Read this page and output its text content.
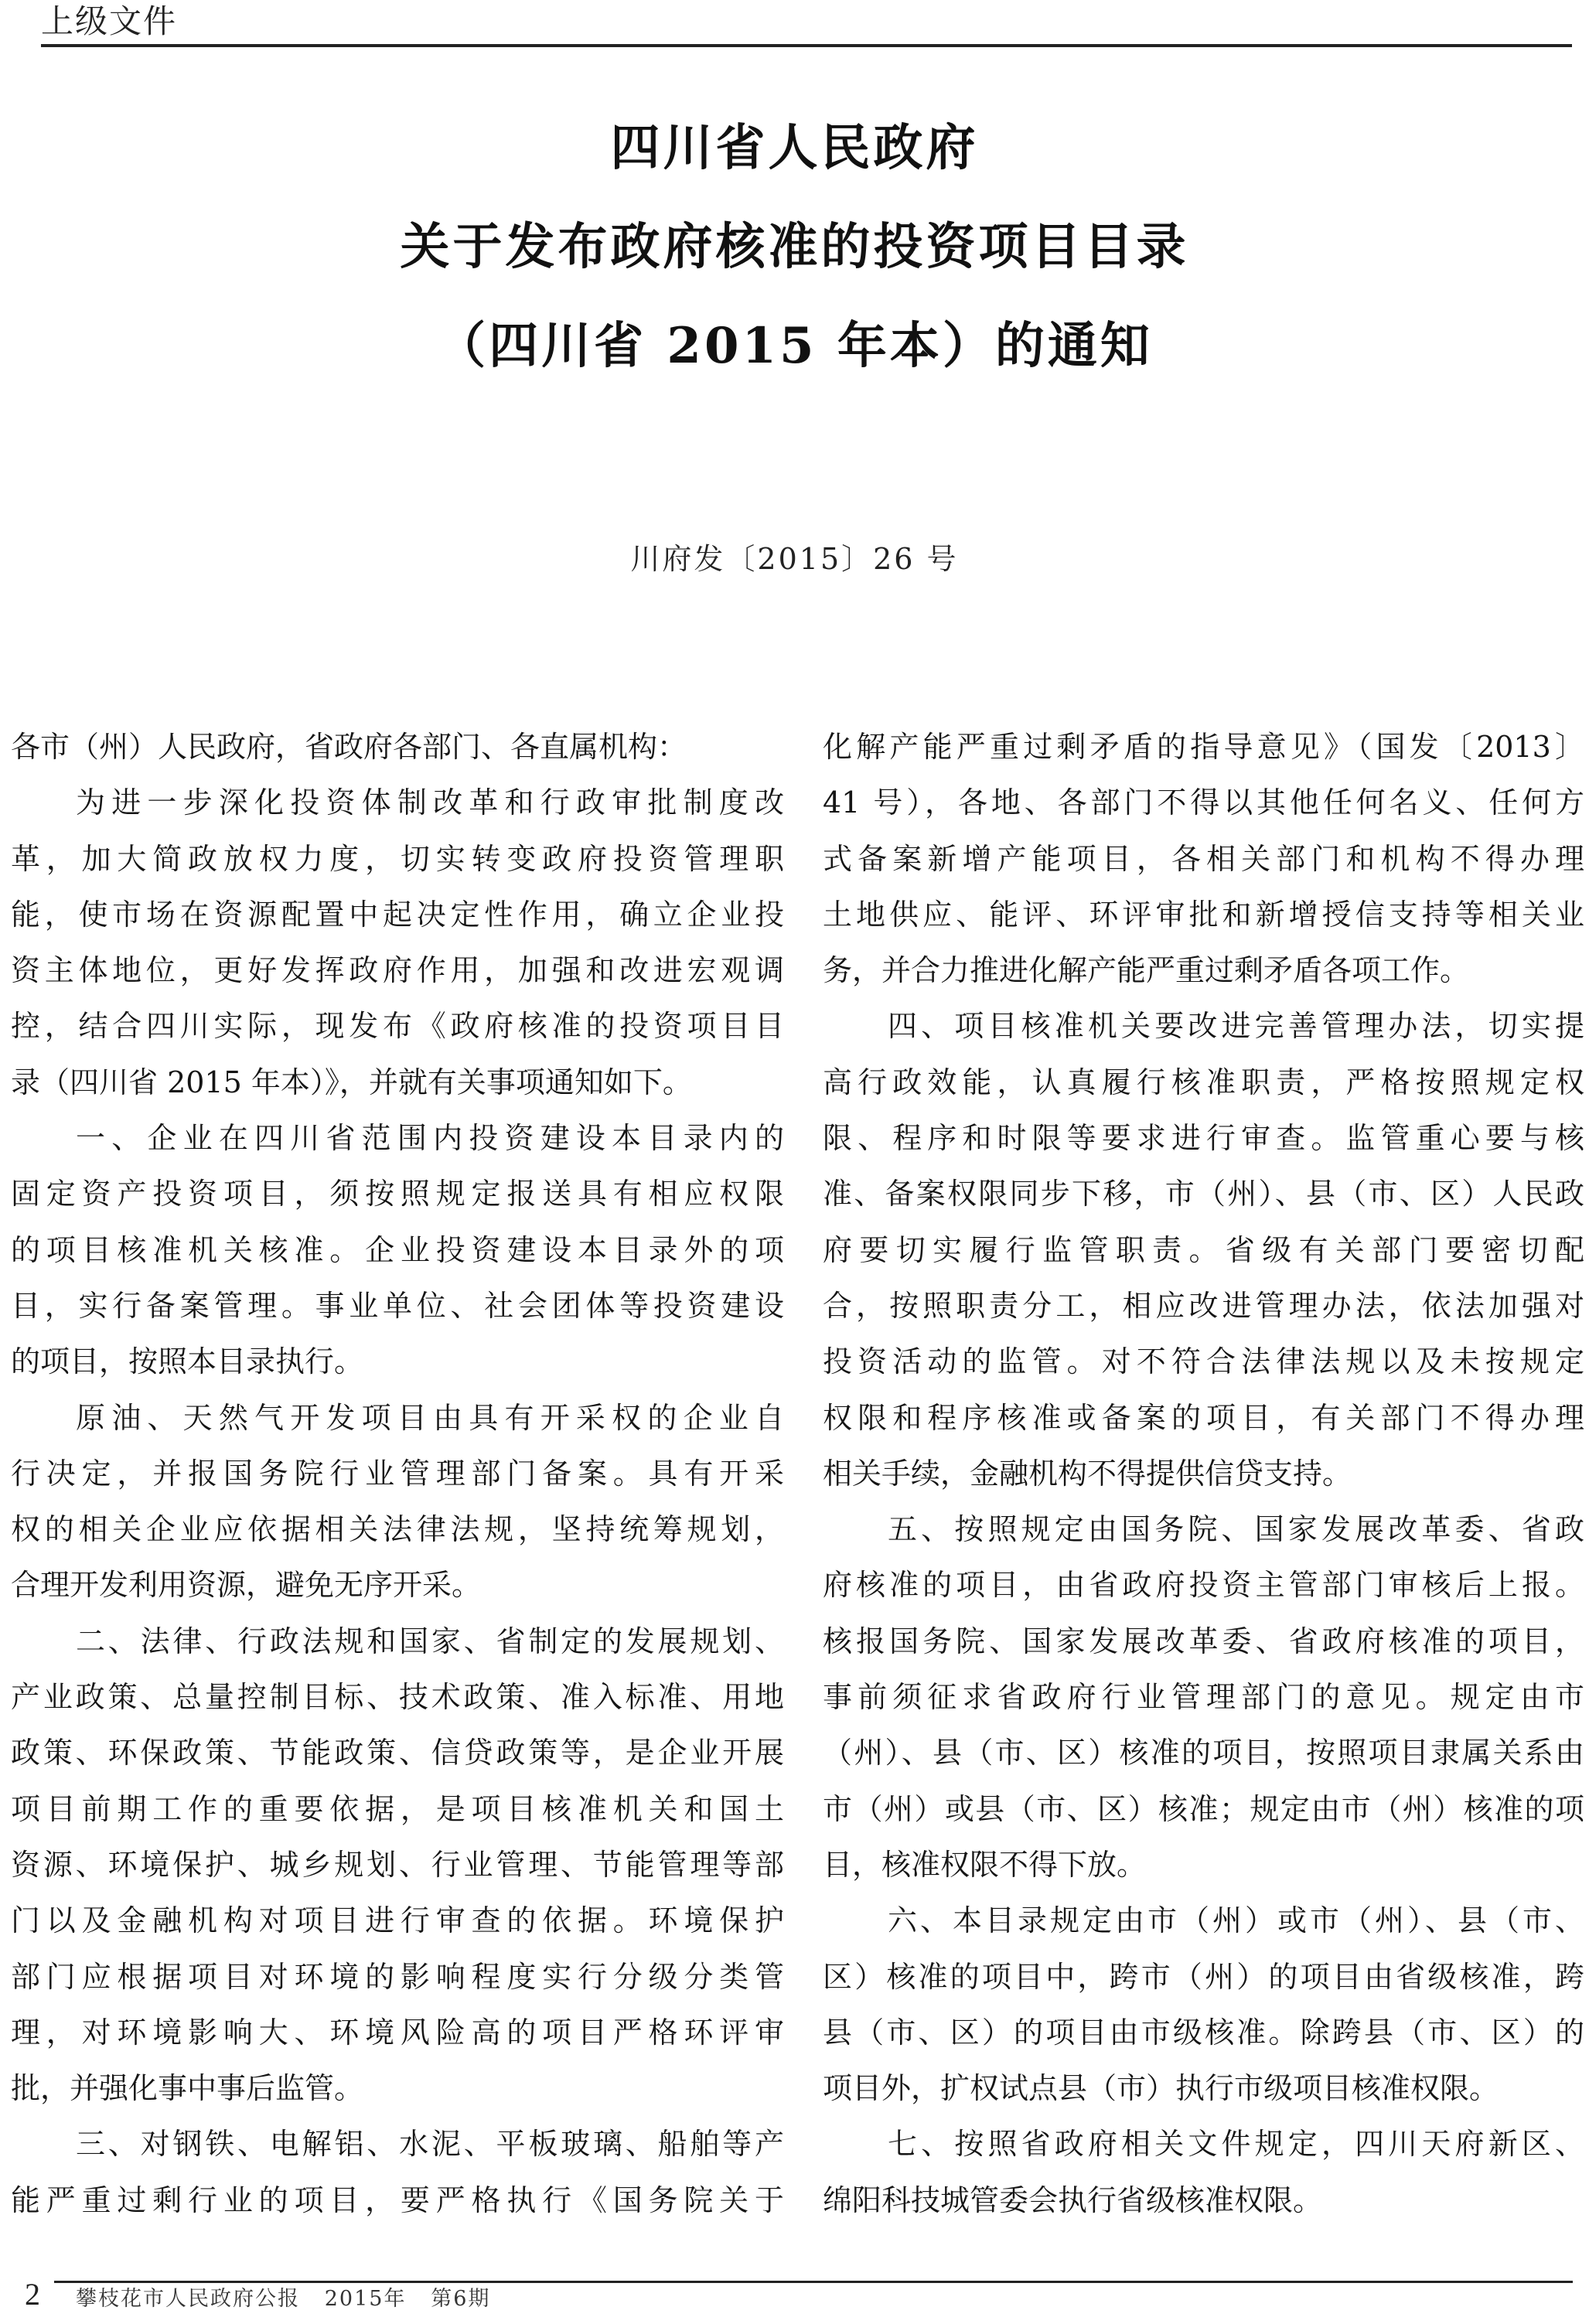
上级文件
四川省人民政府
关于发布政府核准的投资项目目录
（四川省 2015 年本）的通知
川府发〔2015〕26 号
各市（州）人民政府，省政府各部门、各直属机构：
为进一步深化投资体制改革和行政审批制度改
革，加大简政放权力度，切实转变政府投资管理职
能，使市场在资源配置中起决定性作用，确立企业投
资主体地位，更好发挥政府作用，加强和改进宏观调
控，结合四川实际，现发布《政府核准的投资项目目
录（四川省 2015 年本）》，并就有关事项通知如下。
一、企业在四川省范围内投资建设本目录内的
固定资产投资项目，须按照规定报送具有相应权限
的项目核准机关核准。企业投资建设本目录外的项
目，实行备案管理。事业单位、社会团体等投资建设
的项目，按照本目录执行。
原油、天然气开发项目由具有开采权的企业自
行决定，并报国务院行业管理部门备案。具有开采
权的相关企业应依据相关法律法规，坚持统筹规划，
合理开发利用资源，避免无序开采。
二、法律、行政法规和国家、省制定的发展规划、
产业政策、总量控制目标、技术政策、准入标准、用地
政策、环保政策、节能政策、信贷政策等，是企业开展
项目前期工作的重要依据，是项目核准机关和国土
资源、环境保护、城乡规划、行业管理、节能管理等部
门以及金融机构对项目进行审查的依据。环境保护
部门应根据项目对环境的影响程度实行分级分类管
理，对环境影响大、环境风险高的项目严格环评审
批，并强化事中事后监管。
三、对钢铁、电解铝、水泥、平板玻璃、船舶等产
能严重过剩行业的项目，要严格执行《国务院关于
化解产能严重过剩矛盾的指导意见》（国发〔2013〕
41 号），各地、各部门不得以其他任何名义、任何方
式备案新增产能项目，各相关部门和机构不得办理
土地供应、能评、环评审批和新增授信支持等相关业
务，并合力推进化解产能严重过剩矛盾各项工作。
四、项目核准机关要改进完善管理办法，切实提
高行政效能，认真履行核准职责，严格按照规定权
限、程序和时限等要求进行审查。监管重心要与核
准、备案权限同步下移，市（州）、县（市、区）人民政
府要切实履行监管职责。省级有关部门要密切配
合，按照职责分工，相应改进管理办法，依法加强对
投资活动的监管。对不符合法律法规以及未按规定
权限和程序核准或备案的项目，有关部门不得办理
相关手续，金融机构不得提供信贷支持。
五、按照规定由国务院、国家发展改革委、省政
府核准的项目，由省政府投资主管部门审核后上报。
核报国务院、国家发展改革委、省政府核准的项目，
事前须征求省政府行业管理部门的意见。规定由市
（州）、县（市、区）核准的项目，按照项目隶属关系由
市（州）或县（市、区）核准；规定由市（州）核准的项
目，核准权限不得下放。
六、本目录规定由市（州）或市（州）、县（市、
区）核准的项目中，跨市（州）的项目由省级核准，跨
县（市、区）的项目由市级核准。除跨县（市、区）的
项目外，扩权试点县（市）执行市级项目核准权限。
七、按照省政府相关文件规定，四川天府新区、
绵阳科技城管委会执行省级核准权限。
2 攀枝花市人民政府公报 2015年 第6期
